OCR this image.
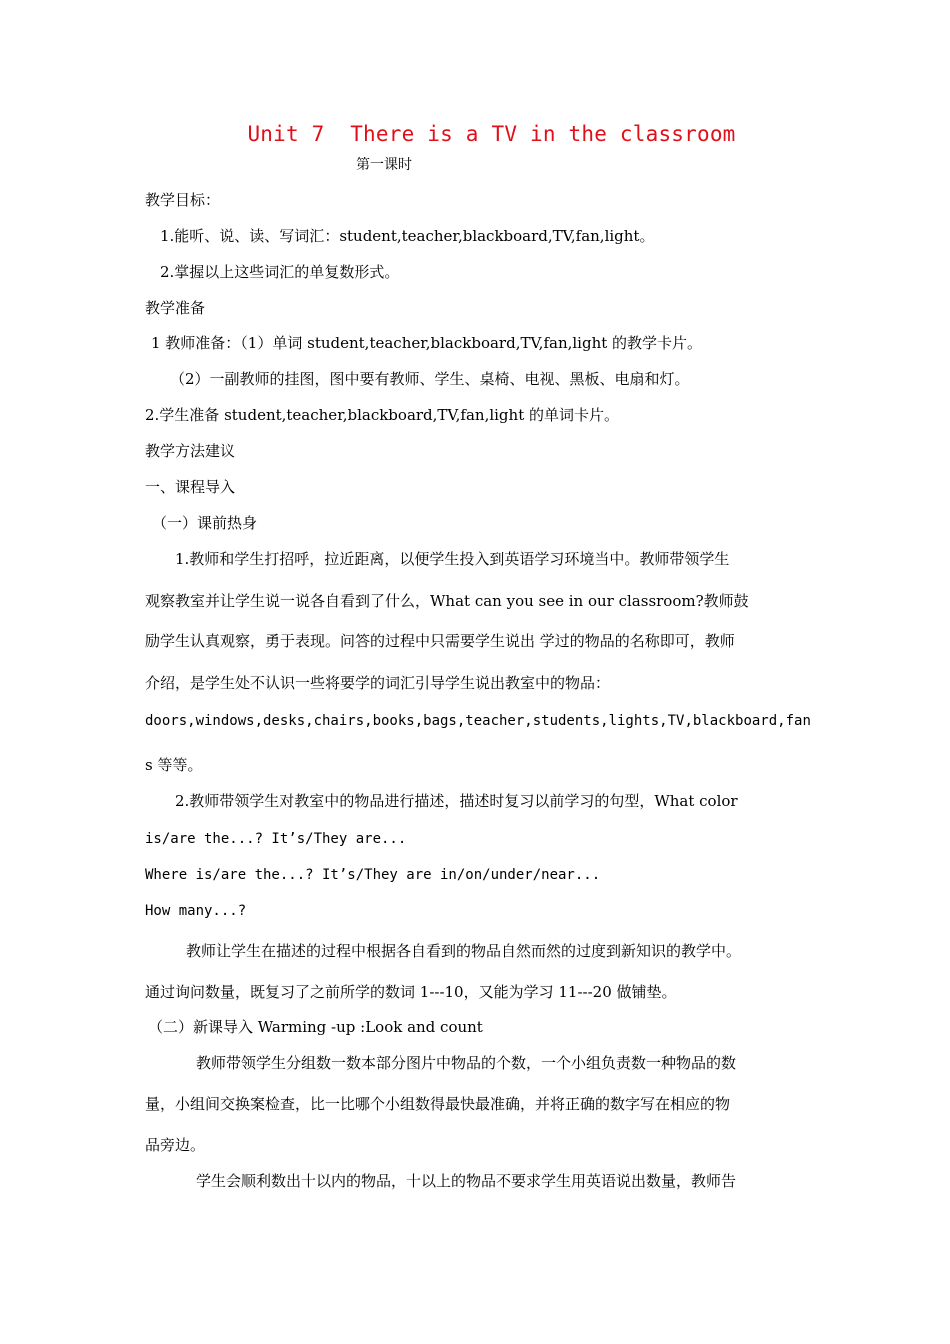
Unit 7  There is a TV in the classroom
第一课时
教学目标：
1.能听、说、读、写词汇：student,teacher,blackboard,TV,fan,light。
2.掌握以上这些词汇的单复数形式。
教学准备
1 教师准备：（1）单词 student,teacher,blackboard,TV,fan,light 的教学卡片。
（2）一副教师的挂图，图中要有教师、学生、桌椅、电视、黑板、电扇和灯。
2.学生准备 student,teacher,blackboard,TV,fan,light 的单词卡片。
教学方法建议
一、课程导入
（一）课前热身
1.教师和学生打招呼，拉近距离，以便学生投入到英语学习环境当中。教师带领学生
观察教室并让学生说一说各自看到了什么，What can you see in our classroom?教师鼓
励学生认真观察，勇于表现。问答的过程中只需要学生说出 学过的物品的名称即可，教师
介绍，是学生处不认识一些将要学的词汇引导学生说出教室中的物品：
doors,windows,desks,chairs,books,bags,teacher,students,lights,TV,blackboard,fan
s 等等。
2.教师带领学生对教室中的物品进行描述，描述时复习以前学习的句型，What color
is/are the...? It’s/They are...
Where is/are the...? It’s/They are in/on/under/near...
How many...?
教师让学生在描述的过程中根据各自看到的物品自然而然的过度到新知识的教学中。
通过询问数量，既复习了之前所学的数词 1---10，又能为学习 11---20 做铺垫。
（二）新课导入 Warming -up :Look and count
教师带领学生分组数一数本部分图片中物品的个数，一个小组负责数一种物品的数
量，小组间交换案检查，比一比哪个小组数得最快最准确，并将正确的数字写在相应的物
品旁边。
学生会顺利数出十以内的物品，十以上的物品不要求学生用英语说出数量，教师告
